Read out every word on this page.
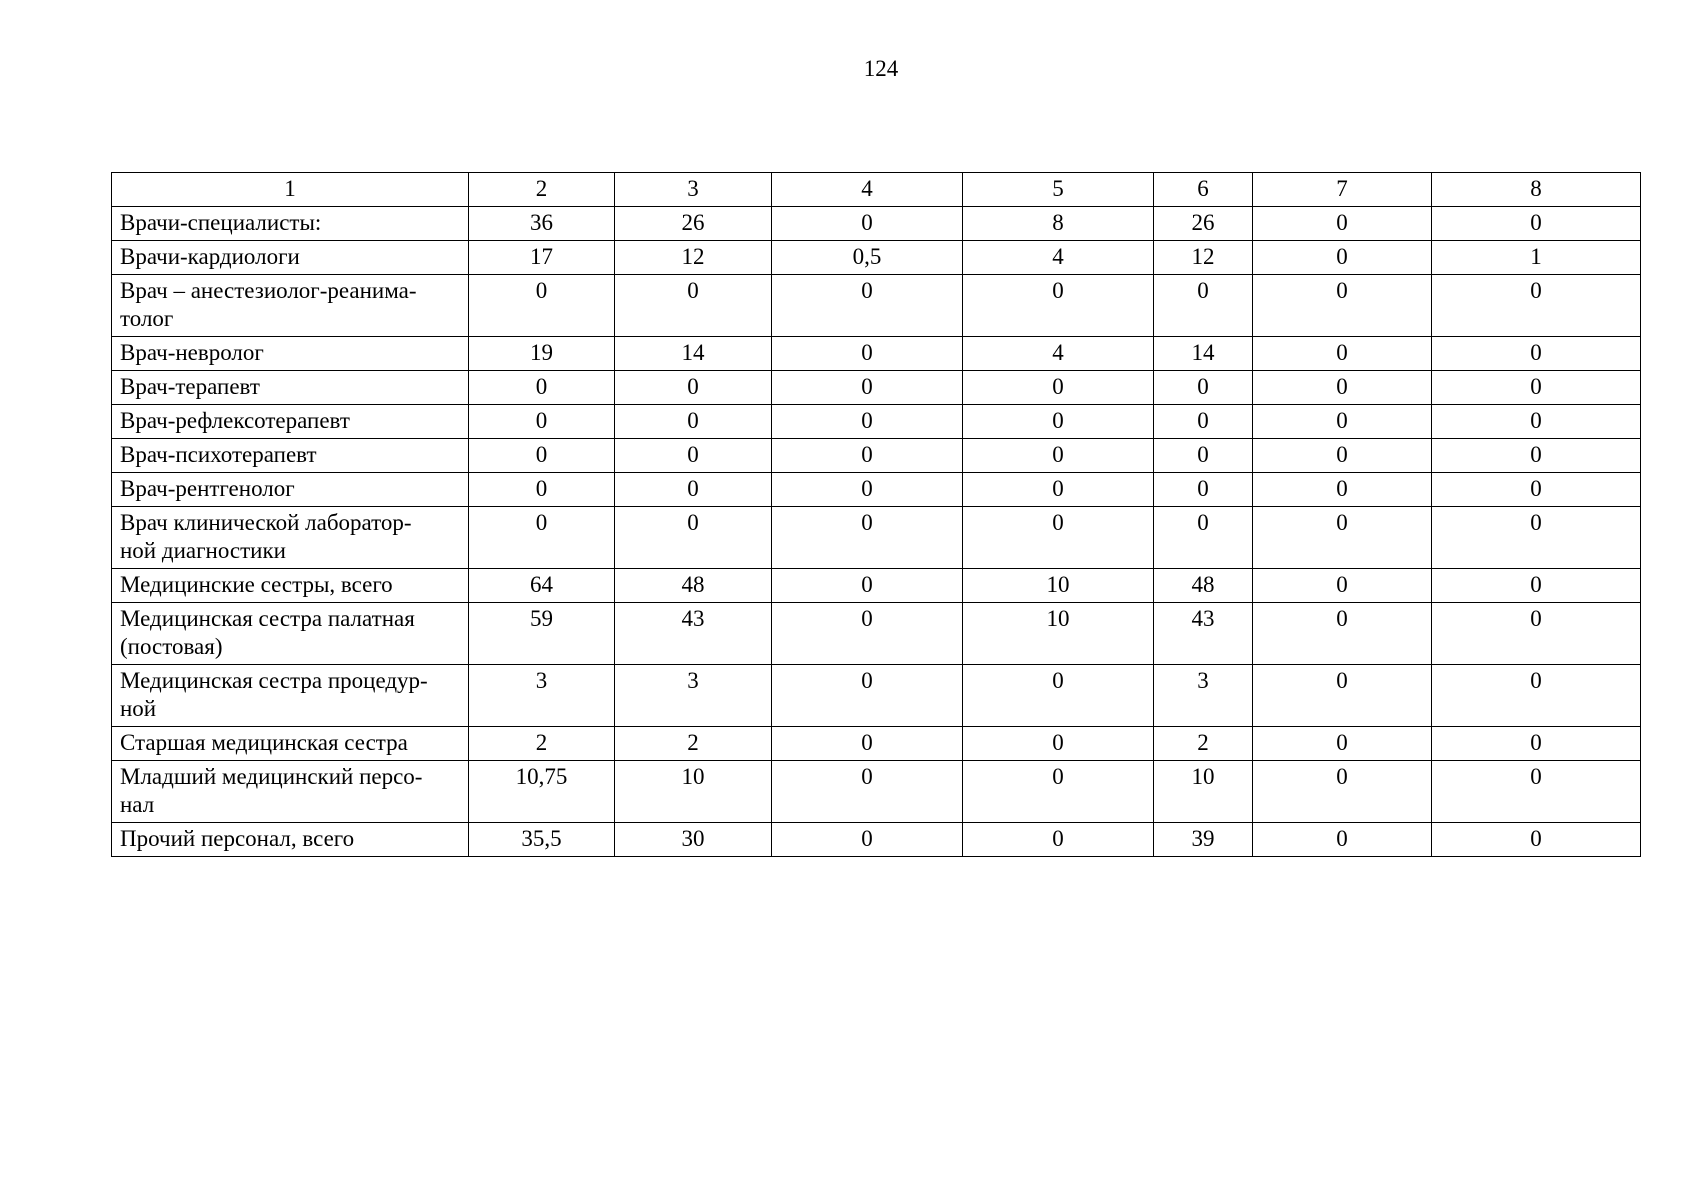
124
1	2	3	4	5	6	7	8
Врачи-специалисты:	36	26	0	8	26	0	0
Врачи-кардиологи	17	12	0,5	4	12	0	1
Врач – анестезиолог-реанима-
толог	0	0	0	0	0	0	0
Врач-невролог	19	14	0	4	14	0	0
Врач-терапевт	0	0	0	0	0	0	0
Врач-рефлексотерапевт	0	0	0	0	0	0	0
Врач-психотерапевт	0	0	0	0	0	0	0
Врач-рентгенолог	0	0	0	0	0	0	0
Врач клинической лаборатор-
ной диагностики	0	0	0	0	0	0	0
Медицинские сестры, всего	64	48	0	10	48	0	0
Медицинская сестра палатная
(постовая)	59	43	0	10	43	0	0
Медицинская сестра процедур-
ной	3	3	0	0	3	0	0
Старшая медицинская сестра	2	2	0	0	2	0	0
Младший медицинский персо-
нал	10,75	10	0	0	10	0	0
Прочий персонал, всего	35,5	30	0	0	39	0	0
